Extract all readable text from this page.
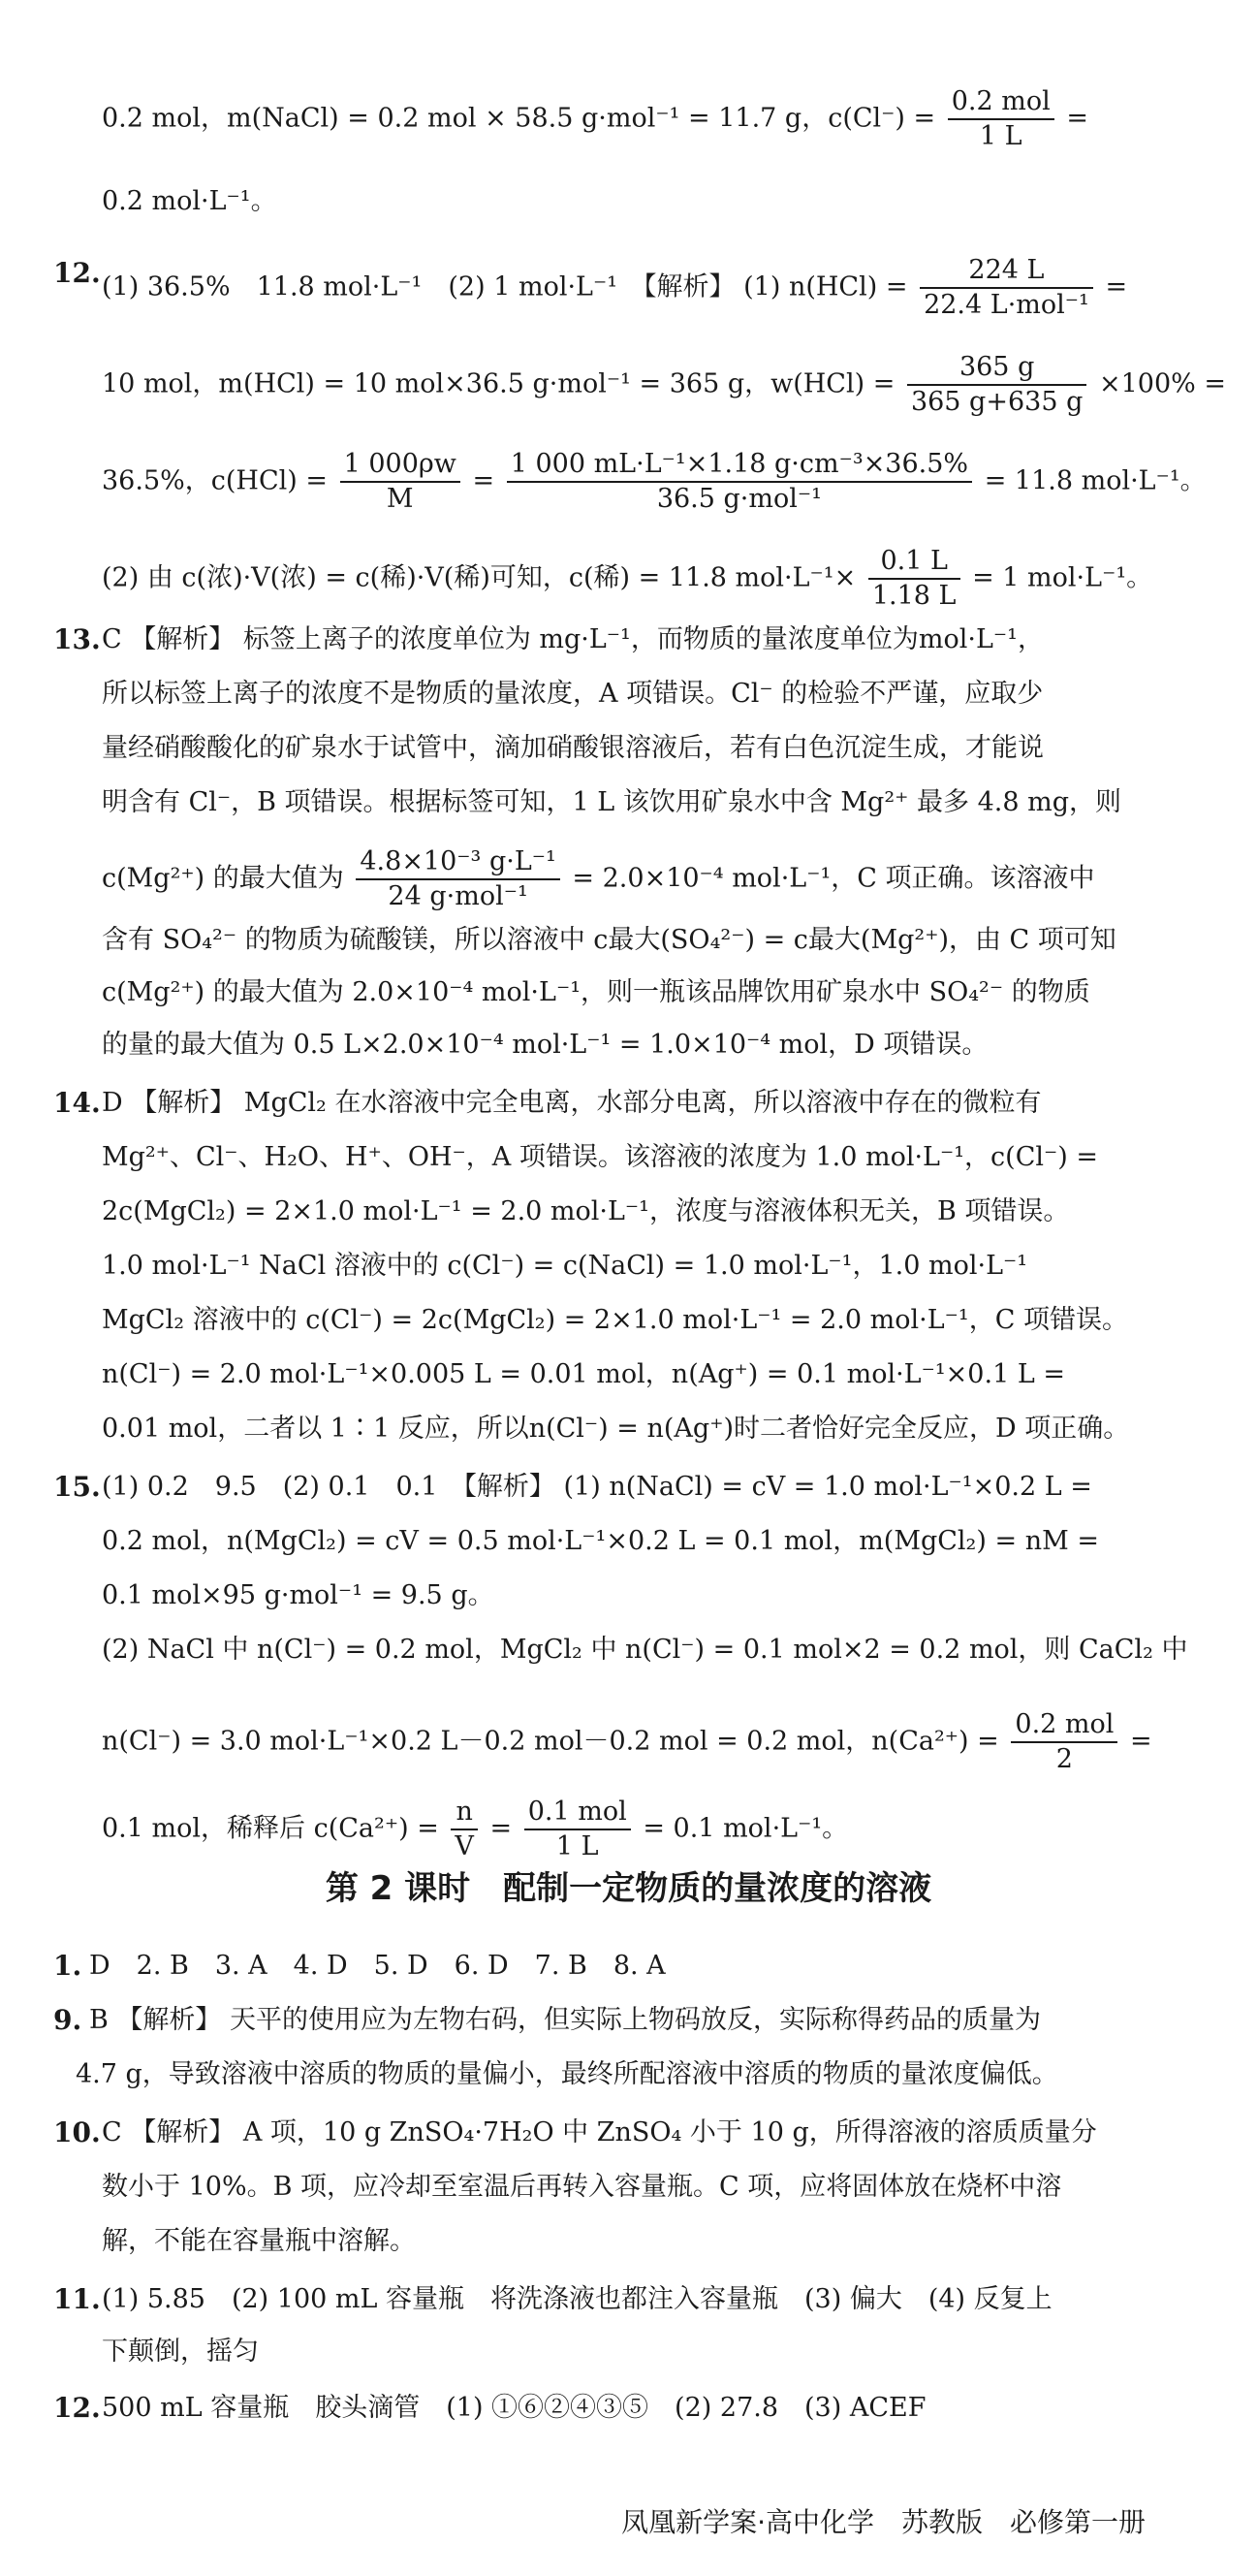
0.2 mol，m(NaCl) = 0.2 mol × 58.5 g·mol⁻¹ = 11.7 g，$c(Cl^-) = \frac{\text{0.2 mol}}{1 L}$ =
0.2 mol·L⁻¹。
12. (1) 36.5%　11.8 mol·L⁻¹　(2) 1 mol·L⁻¹　【解析】 (1) $n(HCl) = \frac{224 L}{\text{22.4 L·mol⁻¹}}$ =
10 mol，m(HCl) = 10 mol×36.5 g·mol⁻¹ = 365 g，$w(HCl) = \frac{365 g}{365 g+635 g} \times 100\%$ =
36.5%，$c(HCl) = \frac{1 000\rho w}{M} = \frac{\text{1 000 mL·L⁻¹×1.18 g·cm⁻³×36.5\%}}{\text{36.5 g·mol⁻¹}} = 11.8$ mol·L⁻¹。
(2) 由 c(浓)·V(浓) = c(稀)·V(稀)可知，c(稀) = 11.8 $mol\cdot L^{-1}\times \frac{0.1 L}{1.18 L} = 1$ mol·L⁻¹。
13. C 【解析】 标签上离子的浓度单位为 mg·L⁻¹，而物质的量浓度单位为mol·L⁻¹，
所以标签上离子的浓度不是物质的量浓度，A 项错误。Cl⁻ 的检验不严谨，应取少
量经硝酸酸化的矿泉水于试管中，滴加硝酸银溶液后，若有白色沉淀生成，才能说
明含有 Cl⁻，B 项错误。根据标签可知，1 L 该饮用矿泉水中含 Mg²⁺ 最多 4.8 mg，则
c(Mg²⁺) 的最大值为 $\frac{\text{4.8×10⁻³ g·L⁻¹}}{\text{24 g·mol⁻¹}} = 2.0\times 10^{-4}$ mol·L⁻¹，C 项正确。该溶液中
含有 SO₄²⁻ 的物质为硫酸镁，所以溶液中 c最大(SO₄²⁻) = c最大(Mg²⁺)，由 C 项可知
c(Mg²⁺) 的最大值为 2.0×10⁻⁴ mol·L⁻¹，则一瓶该品牌饮用矿泉水中 SO₄²⁻ 的物质
的量的最大值为 0.5 L×2.0×10⁻⁴ mol·L⁻¹ = 1.0×10⁻⁴ mol，D 项错误。
14. D 【解析】 MgCl₂ 在水溶液中完全电离，水部分电离，所以溶液中存在的微粒有
Mg²⁺、Cl⁻、H₂O、H⁺、OH⁻，A 项错误。该溶液的浓度为 1.0 mol·L⁻¹，c(Cl⁻) =
2c(MgCl₂) = 2×1.0 mol·L⁻¹ = 2.0 mol·L⁻¹，浓度与溶液体积无关，B 项错误。
1.0 mol·L⁻¹ NaCl 溶液中的 c(Cl⁻) = c(NaCl) = 1.0 mol·L⁻¹，1.0 mol·L⁻¹
MgCl₂ 溶液中的 c(Cl⁻) = 2c(MgCl₂) = 2×1.0 mol·L⁻¹ = 2.0 mol·L⁻¹，C 项错误。
n(Cl⁻) = 2.0 mol·L⁻¹×0.005 L = 0.01 mol，n(Ag⁺) = 0.1 mol·L⁻¹×0.1 L =
0.01 mol，二者以 1∶1 反应，所以n(Cl⁻) = n(Ag⁺)时二者恰好完全反应，D 项正确。
15. (1) 0.2　9.5　(2) 0.1　0.1　【解析】 (1) n(NaCl) = cV = 1.0 mol·L⁻¹×0.2 L =
0.2 mol，n(MgCl₂) = cV = 0.5 mol·L⁻¹×0.2 L = 0.1 mol，m(MgCl₂) = nM =
0.1 mol×95 g·mol⁻¹ = 9.5 g。
(2) NaCl 中 n(Cl⁻) = 0.2 mol，MgCl₂ 中 n(Cl⁻) = 0.1 mol×2 = 0.2 mol，则 CaCl₂ 中
n(Cl⁻) = 3.0 mol·L⁻¹×0.2 L－0.2 mol－0.2 mol = 0.2 mol，$n(Ca^{2+}) = \frac{\text{0.2 mol}}{2}$ =
0.1 mol，稀释后 $c(Ca^{2+}) = \frac{n}{V} = \frac{\text{0.1 mol}}{1 L} = 0.1$ mol·L⁻¹。
第 2 课时　配制一定物质的量浓度的溶液
1. D　2. B　3. A　4. D　5. D　6. D　7. B　8. A
9. B 【解析】 天平的使用应为左物右码，但实际上物码放反，实际称得药品的质量为
4.7 g，导致溶液中溶质的物质的量偏小，最终所配溶液中溶质的物质的量浓度偏低。
10. C 【解析】 A 项，10 g ZnSO₄·7H₂O 中 ZnSO₄ 小于 10 g，所得溶液的溶质质量分
数小于 10%。B 项，应冷却至室温后再转入容量瓶。C 项，应将固体放在烧杯中溶
解，不能在容量瓶中溶解。
11. (1) 5.85　(2) 100 mL 容量瓶　将洗涤液也都注入容量瓶　(3) 偏大　(4) 反复上
下颠倒，摇匀
12. 500 mL 容量瓶　胶头滴管　(1) ①⑥②④③⑤　(2) 27.8　(3) ACEF
凤凰新学案·高中化学　苏教版　必修第一册
